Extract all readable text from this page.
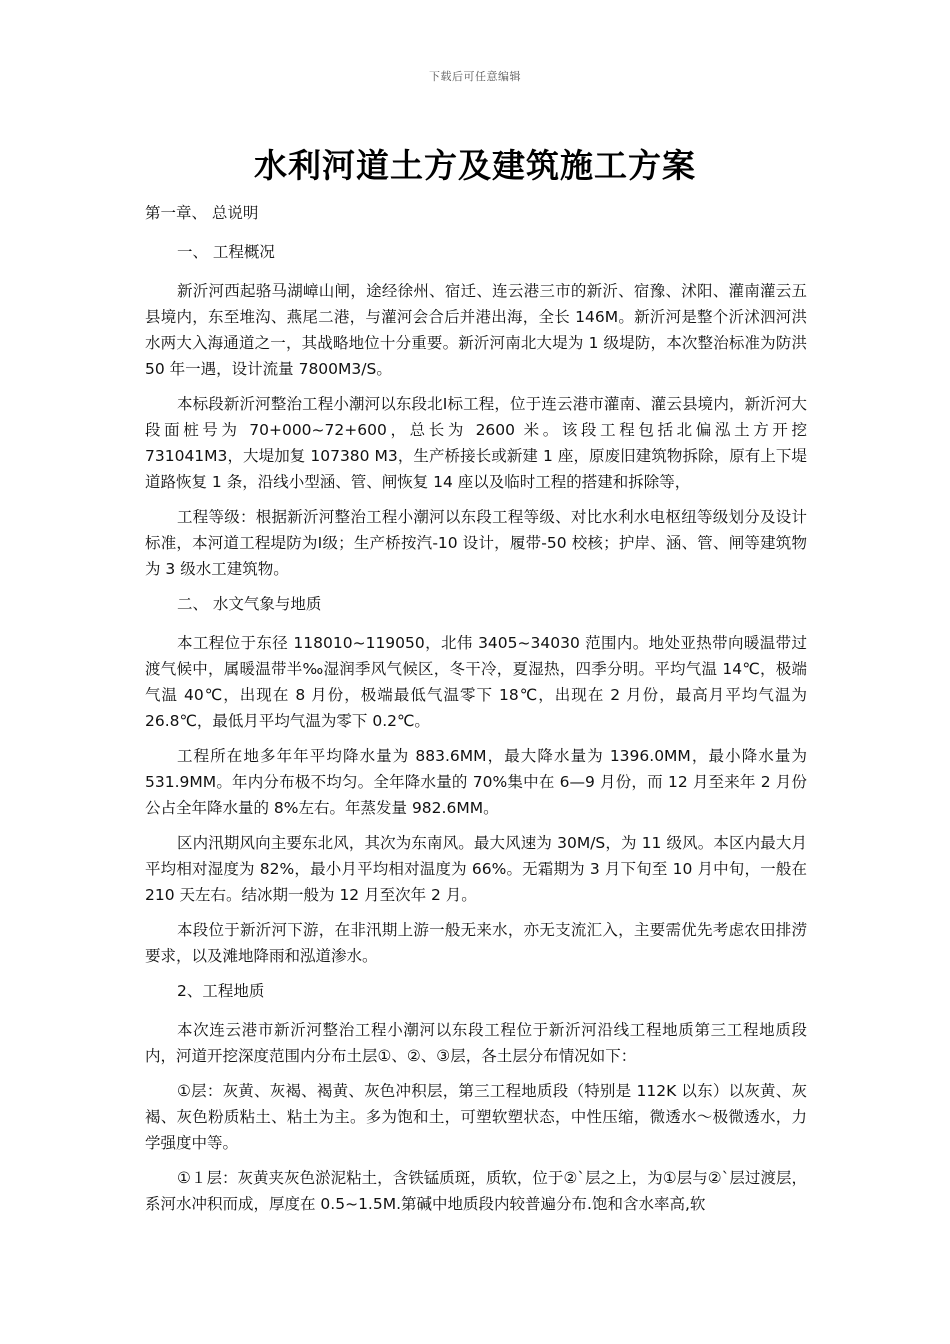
下载后可任意编辑
水利河道土方及建筑施工方案

第一章、 总说明

一、 工程概况

新沂河西起骆马湖嶂山闸，途经徐州、宿迁、连云港三市的新沂、宿豫、沭阳、灌南灌云五县境内，东至堆沟、燕尾二港，与灌河会合后并港出海，全长 146M。新沂河是整个沂沭泗河洪水两大入海通道之一，其战略地位十分重要。新沂河南北大堤为 1 级堤防，本次整治标准为防洪 50 年一遇，设计流量 7800M3/S。

本标段新沂河整治工程小潮河以东段北Ⅰ标工程，位于连云港市灌南、灌云县境内，新沂河大段面桩号为 70+000~72+600，总长为 2600 米。该段工程包括北偏泓土方开挖 731041M3，大堤加复 107380 M3，生产桥接长或新建 1 座，原废旧建筑物拆除，原有上下堤道路恢复 1 条，沿线小型涵、管、闸恢复 14 座以及临时工程的搭建和拆除等，

工程等级：根据新沂河整治工程小潮河以东段工程等级、对比水利水电枢纽等级划分及设计标准，本河道工程堤防为Ⅰ级；生产桥按汽-10 设计，履带-50 校核；护岸、涵、管、闸等建筑物为 3 级水工建筑物。

二、 水文气象与地质

本工程位于东径 118010~119050，北伟 3405~34030 范围内。地处亚热带向暖温带过渡气候中，属暖温带半‰湿润季风气候区，冬干冷，夏湿热，四季分明。平均气温 14℃，极端气温 40℃，出现在 8 月份，极端最低气温零下 18℃，出现在 2 月份，最高月平均气温为 26.8℃，最低月平均气温为零下 0.2℃。

工程所在地多年年平均降水量为 883.6MM，最大降水量为 1396.0MM，最小降水量为 531.9MM。年内分布极不均匀。全年降水量的 70%集中在 6—9 月份，而 12 月至来年 2 月份公占全年降水量的 8%左右。年蒸发量 982.6MM。

区内汛期风向主要东北风，其次为东南风。最大风速为 30M/S，为 11 级风。本区内最大月平均相对湿度为 82%，最小月平均相对温度为 66%。无霜期为 3 月下旬至 10 月中旬，一般在 210 天左右。结冰期一般为 12 月至次年 2 月。

本段位于新沂河下游，在非汛期上游一般无来水，亦无支流汇入，主要需优先考虑农田排涝要求，以及滩地降雨和泓道渗水。

2、工程地质

本次连云港市新沂河整治工程小潮河以东段工程位于新沂河沿线工程地质第三工程地质段内，河道开挖深度范围内分布土层①、②、③层，各土层分布情况如下：

①层：灰黄、灰褐、褐黄、灰色冲积层，第三工程地质段（特别是 112K 以东）以灰黄、灰褐、灰色粉质粘土、粘土为主。多为饱和土，可塑软塑状态，中性压缩，微透水～极微透水，力学强度中等。

①１层：灰黄夹灰色淤泥粘土，含铁锰质斑，质软，位于②`层之上，为①层与②`层过渡层，系河水冲积而成，厚度在 0.5~1.5M.第碱中地质段内较普遍分布.饱和含水率高,软
